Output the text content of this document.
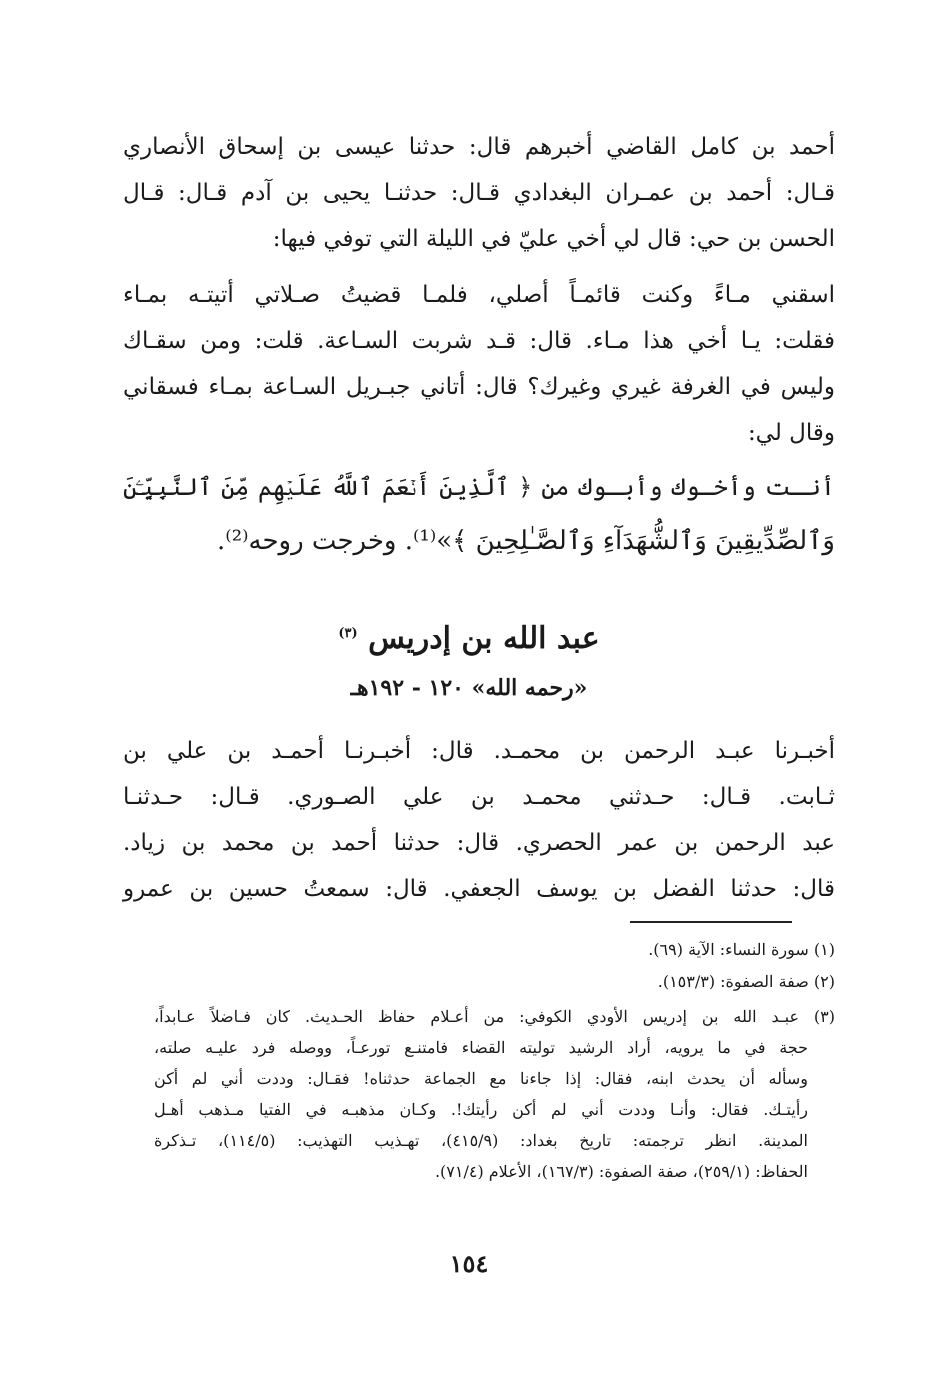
أحمد بن كامل القاضي أخبرهم قال: حدثنا عيسى بن إسحاق الأنصاري
قـال: أحمد بن عمـران البغدادي قـال: حدثنـا يحيى بن آدم قـال: قـال
الحسن بن حي: قال لي أخي عليّ في الليلة التي توفي فيها:
اسقني مـاءً وكنت قائمـاً أصلي، فلمـا قضيتُ صـلاتي أتيتـه بمـاء
فقلت: يـا أخي هذا مـاء. قال: قـد شربت السـاعة. قلت: ومن سقـاك
وليس في الغرفة غيري وغيرك؟ قال: أتاني جبـريل السـاعة بمـاء فسقاني
وقال لي:
أنـت وأخـوك وأبـوك من ﴿ ٱلَّذِينَ أَنۡعَمَ ٱللَّهُ عَلَيۡهِم مِّنَ ٱلنَّبِيِّـۧنَ
وَٱلصِّدِّيقِينَ وَٱلشُّهَدَآءِ وَٱلصَّـٰلِحِينَ ﴾»⁽¹⁾. وخرجت روحه⁽²⁾.
عبد الله بن إدريس $^{(٣)}$
«رحمه الله» ١٢٠ - ١٩٢هـ
أخبـرنا عبـد الرحمن بن محمـد. قال: أخبـرنـا أحمـد بن علي بن
ثـابت. قـال: حـدثني محمـد بن علي الصـوري. قـال: حـدثنـا
عبد الرحمن بن عمر الحصري. قال: حدثنا أحمد بن محمد بن زياد.
قال: حدثنا الفضل بن يوسف الجعفي. قال: سمعتُ حسين بن عمرو
(١) سورة النساء: الآية (٦٩).
(٢) صفة الصفوة: (١٥٣/٣).
(٣) عبـد الله بن إدريس الأودي الكوفي: من أعـلام حفاظ الحـديث. كان فـاضلاً عـابداً،
حجة في ما يرويه، أراد الرشيد توليته القضاء فامتنـع تورعـاً، ووصله فرد عليـه صلته،
وسأله أن يحدث ابنه، فقال: إذا جاءنا مع الجماعة حدثناه! فقـال: وددت أني لم أكن
رأيتـك. فقال: وأنـا وددت أني لم أكن رأيتك!. وكـان مذهبـه في الفتيا مـذهب أهـل
المدينة. انظر ترجمته: تاريخ بغداد: (٤١٥/٩)، تهـذيب التهذيب: (١١٤/٥)، تـذكرة
الحفاظ: (٢٥٩/١)، صفة الصفوة: (١٦٧/٣)، الأعلام (٧١/٤).
١٥٤
